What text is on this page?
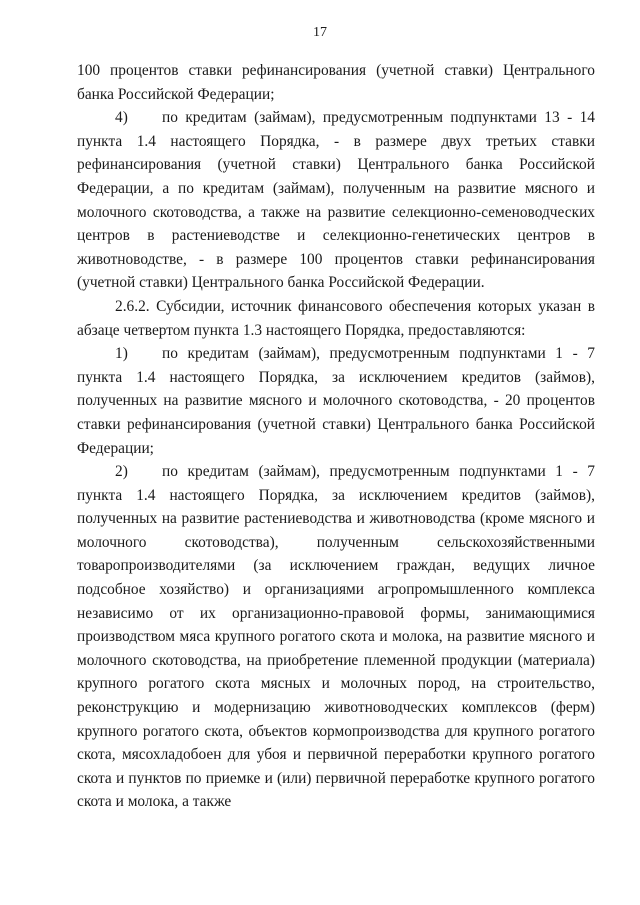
17

100 процентов ставки рефинансирования (учетной ставки) Центрального банка Российской Федерации;

4) по кредитам (займам), предусмотренным подпунктами 13 - 14 пункта 1.4 настоящего Порядка, - в размере двух третьих ставки рефинансирования (учетной ставки) Центрального банка Российской Федерации, а по кредитам (займам), полученным на развитие мясного и молочного скотоводства, а также на развитие селекционно-семеноводческих центров в растениеводстве и селекционно-генетических центров в животноводстве, - в размере 100 процентов ставки рефинансирования (учетной ставки) Центрального банка Российской Федерации.

2.6.2. Субсидии, источник финансового обеспечения которых указан в абзаце четвертом пункта 1.3 настоящего Порядка, предоставляются:

1) по кредитам (займам), предусмотренным подпунктами 1 - 7 пункта 1.4 настоящего Порядка, за исключением кредитов (займов), полученных на развитие мясного и молочного скотоводства, - 20 процентов ставки рефинансирования (учетной ставки) Центрального банка Российской Федерации;

2) по кредитам (займам), предусмотренным подпунктами 1 - 7 пункта 1.4 настоящего Порядка, за исключением кредитов (займов), полученных на развитие растениеводства и животноводства (кроме мясного и молочного скотоводства), полученным сельскохозяйственными товаропроизводителями (за исключением граждан, ведущих личное подсобное хозяйство) и организациями агропромышленного комплекса независимо от их организационно-правовой формы, занимающимися производством мяса крупного рогатого скота и молока, на развитие мясного и молочного скотоводства, на приобретение племенной продукции (материала) крупного рогатого скота мясных и молочных пород, на строительство, реконструкцию и модернизацию животноводческих комплексов (ферм) крупного рогатого скота, объектов кормопроизводства для крупного рогатого скота, мясохладобоен для убоя и первичной переработки крупного рогатого скота и пунктов по приемке и (или) первичной переработке крупного рогатого скота и молока, а также
